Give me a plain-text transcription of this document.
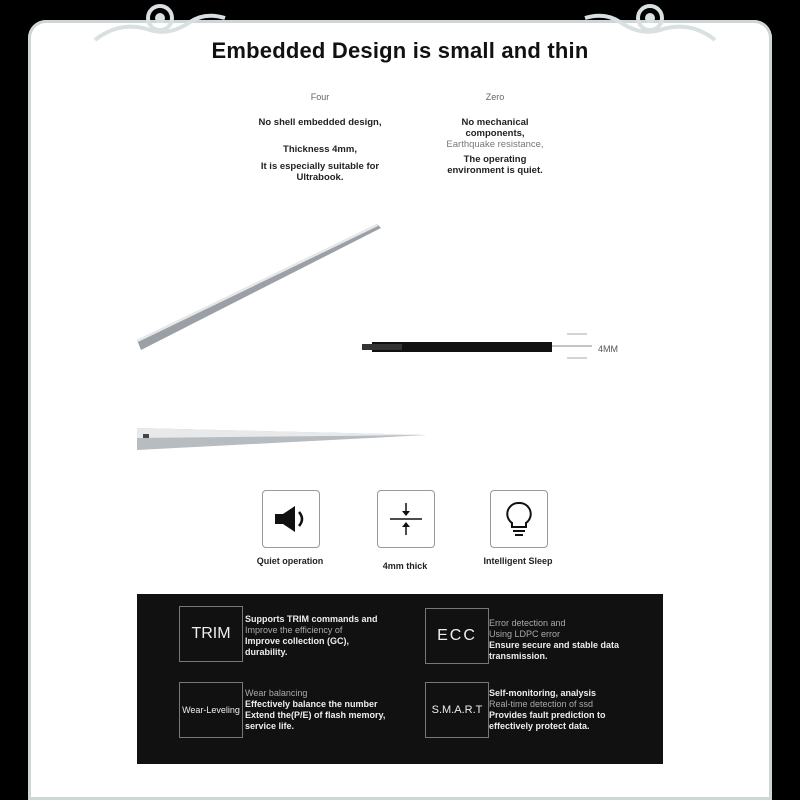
Embedded Design is small and thin
Four
No shell embedded design,
Thickness 4mm,
It is especially suitable for Ultrabook.
Zero
No mechanical components,
Earthquake resistance,
The operating environment is quiet.
4MM
Quiet operation	4mm thick	Intelligent Sleep
TRIM
Supports TRIM commands and
Improve the efficiency of
Improve collection (GC),
durability.
ECC
Error detection and
Using LDPC error
Ensure secure and stable data
transmission.
Wear-Leveling
Wear balancing
Effectively balance the number
Extend the(P/E) of flash memory,
service life.
S.M.A.R.T
Self-monitoring, analysis
Real-time detection of ssd
Provides fault prediction to
effectively protect data.
